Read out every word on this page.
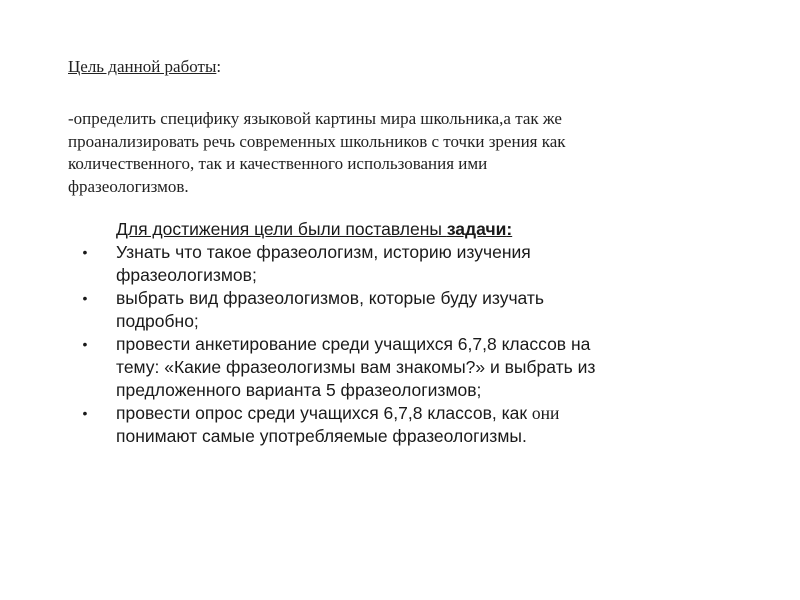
Цель данной работы:
-определить специфику языковой картины мира школьника,а так же
проанализировать речь современных школьников с точки зрения как
количественного, так и качественного использования ими
фразеологизмов.
Для достижения цели были поставлены задачи:
• Узнать что такое фразеологизм, историю изучения
фразеологизмов;
• выбрать вид фразеологизмов, которые буду изучать
подробно;
• провести анкетирование среди учащихся 6,7,8 классов на
тему: «Какие фразеологизмы вам знакомы?» и выбрать из
предложенного варианта 5 фразеологизмов;
• провести опрос среди учащихся 6,7,8 классов, как они
понимают самые употребляемые фразеологизмы.
